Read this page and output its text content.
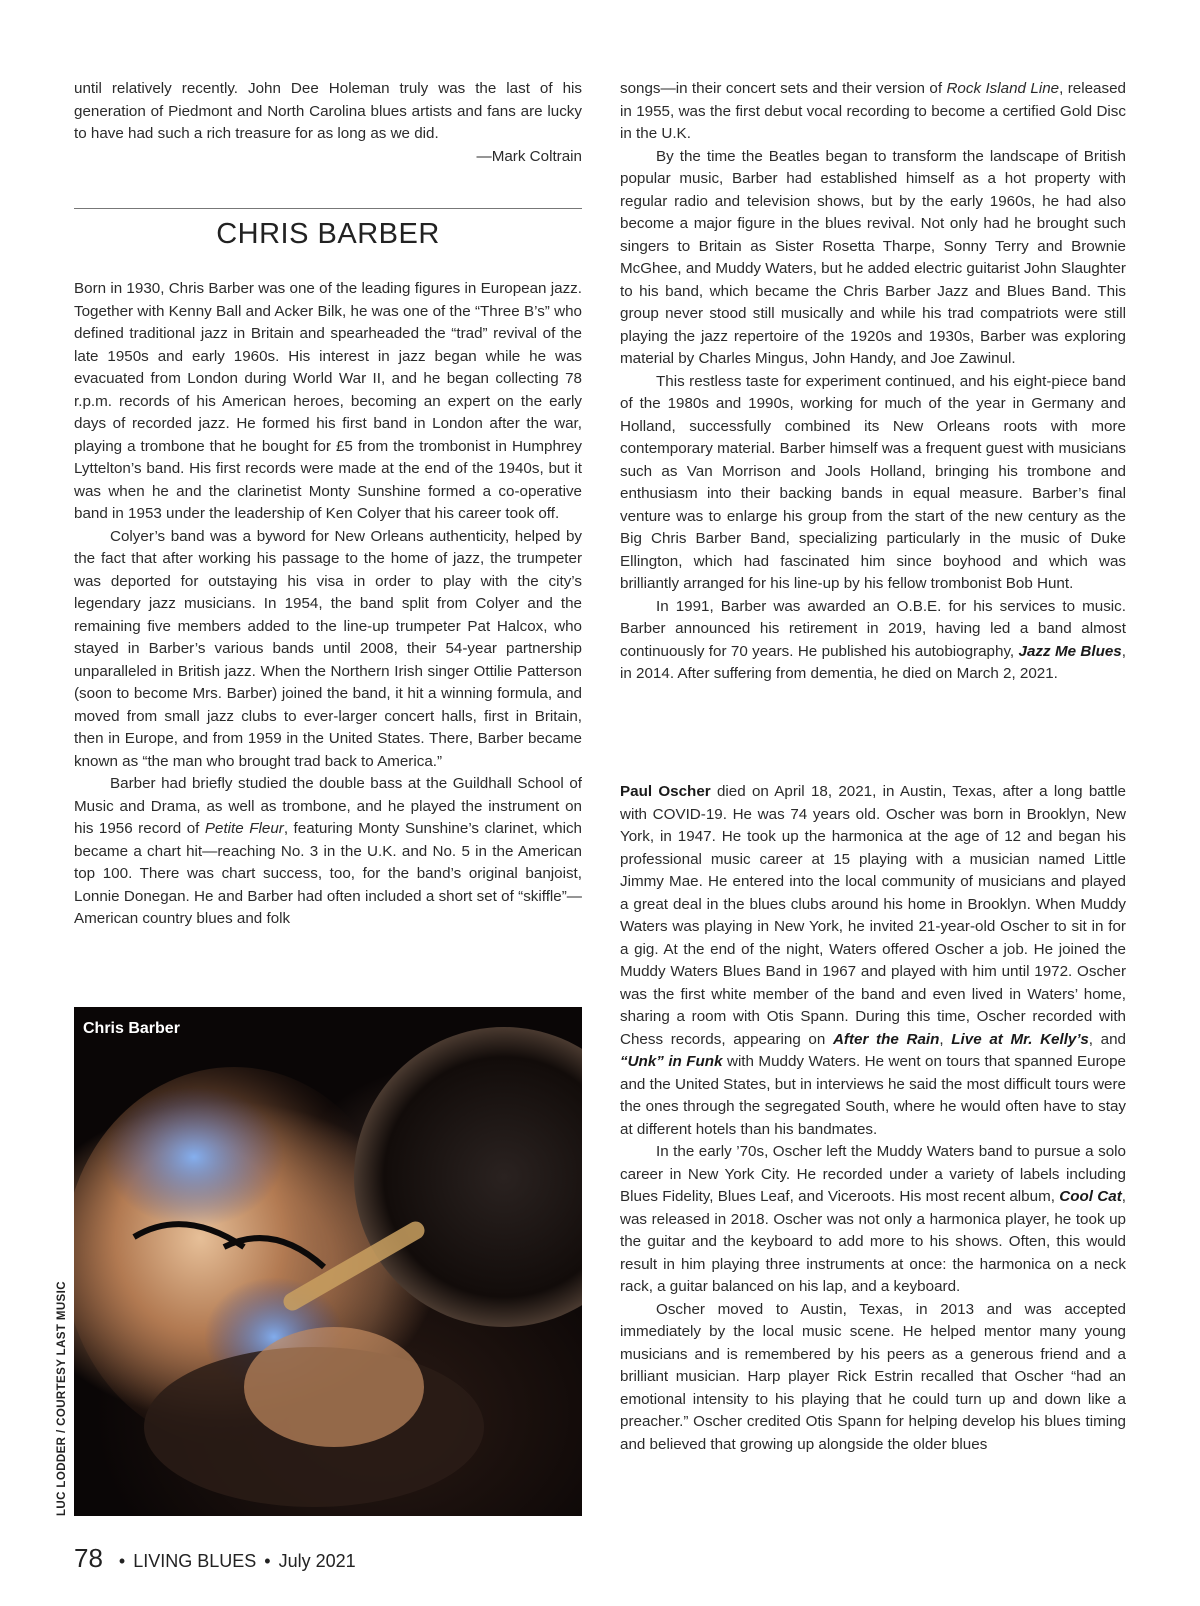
until relatively recently. John Dee Holeman truly was the last of his generation of Piedmont and North Carolina blues artists and fans are lucky to have had such a rich treasure for as long as we did.

—Mark Coltrain

CHRIS BARBER

Born in 1930, Chris Barber was one of the leading figures in European jazz. Together with Kenny Ball and Acker Bilk, he was one of the “Three B’s” who defined traditional jazz in Britain and spearheaded the “trad” revival of the late 1950s and early 1960s. His interest in jazz began while he was evacuated from London during World War II, and he began collecting 78 r.p.m. records of his American heroes, becoming an expert on the early days of recorded jazz. He formed his first band in London after the war, playing a trombone that he bought for £5 from the trombonist in Humphrey Lyttelton’s band. His first records were made at the end of the 1940s, but it was when he and the clarinetist Monty Sunshine formed a co-operative band in 1953 under the leadership of Ken Colyer that his career took off.

Colyer’s band was a byword for New Orleans authenticity, helped by the fact that after working his passage to the home of jazz, the trumpeter was deported for outstaying his visa in order to play with the city’s legendary jazz musicians. In 1954, the band split from Colyer and the remaining five members added to the line-up trumpeter Pat Halcox, who stayed in Barber’s various bands until 2008, their 54-year partnership unparalleled in British jazz. When the Northern Irish singer Ottilie Patterson (soon to become Mrs. Barber) joined the band, it hit a winning formula, and moved from small jazz clubs to ever-larger concert halls, first in Britain, then in Europe, and from 1959 in the United States. There, Barber became known as “the man who brought trad back to America.”

Barber had briefly studied the double bass at the Guildhall School of Music and Drama, as well as trombone, and he played the instrument on his 1956 record of Petite Fleur, featuring Monty Sunshine’s clarinet, which became a chart hit—reaching No. 3 in the U.K. and No. 5 in the American top 100. There was chart success, too, for the band’s original banjoist, Lonnie Donegan. He and Barber had often included a short set of “skiffle”—American country blues and folk

Chris Barber
LUC LODDER / COURTESY LAST MUSIC

songs—in their concert sets and their version of Rock Island Line, released in 1955, was the first debut vocal recording to become a certified Gold Disc in the U.K.

By the time the Beatles began to transform the landscape of British popular music, Barber had established himself as a hot property with regular radio and television shows, but by the early 1960s, he had also become a major figure in the blues revival. Not only had he brought such singers to Britain as Sister Rosetta Tharpe, Sonny Terry and Brownie McGhee, and Muddy Waters, but he added electric guitarist John Slaughter to his band, which became the Chris Barber Jazz and Blues Band. This group never stood still musically and while his trad compatriots were still playing the jazz repertoire of the 1920s and 1930s, Barber was exploring material by Charles Mingus, John Handy, and Joe Zawinul.

This restless taste for experiment continued, and his eight-piece band of the 1980s and 1990s, working for much of the year in Germany and Holland, successfully combined its New Orleans roots with more contemporary material. Barber himself was a frequent guest with musicians such as Van Morrison and Jools Holland, bringing his trombone and enthusiasm into their backing bands in equal measure. Barber’s final venture was to enlarge his group from the start of the new century as the Big Chris Barber Band, specializing particularly in the music of Duke Ellington, which had fascinated him since boyhood and which was brilliantly arranged for his line-up by his fellow trombonist Bob Hunt.

In 1991, Barber was awarded an O.B.E. for his services to music. Barber announced his retirement in 2019, having led a band almost continuously for 70 years. He published his autobiography, Jazz Me Blues, in 2014. After suffering from dementia, he died on March 2, 2021.

Paul Oscher died on April 18, 2021, in Austin, Texas, after a long battle with COVID-19. He was 74 years old. Oscher was born in Brooklyn, New York, in 1947. He took up the harmonica at the age of 12 and began his professional music career at 15 playing with a musician named Little Jimmy Mae. He entered into the local community of musicians and played a great deal in the blues clubs around his home in Brooklyn. When Muddy Waters was playing in New York, he invited 21-year-old Oscher to sit in for a gig. At the end of the night, Waters offered Oscher a job. He joined the Muddy Waters Blues Band in 1967 and played with him until 1972. Oscher was the first white member of the band and even lived in Waters’ home, sharing a room with Otis Spann. During this time, Oscher recorded with Chess records, appearing on After the Rain, Live at Mr. Kelly’s, and “Unk” in Funk with Muddy Waters. He went on tours that spanned Europe and the United States, but in interviews he said the most difficult tours were the ones through the segregated South, where he would often have to stay at different hotels than his bandmates.

In the early ’70s, Oscher left the Muddy Waters band to pursue a solo career in New York City. He recorded under a variety of labels including Blues Fidelity, Blues Leaf, and Viceroots. His most recent album, Cool Cat, was released in 2018. Oscher was not only a harmonica player, he took up the guitar and the keyboard to add more to his shows. Often, this would result in him playing three instruments at once: the harmonica on a neck rack, a guitar balanced on his lap, and a keyboard.

Oscher moved to Austin, Texas, in 2013 and was accepted immediately by the local music scene. He helped mentor many young musicians and is remembered by his peers as a generous friend and a brilliant musician. Harp player Rick Estrin recalled that Oscher “had an emotional intensity to his playing that he could turn up and down like a preacher.” Oscher credited Otis Spann for helping develop his blues timing and believed that growing up alongside the older blues

78 • LIVING BLUES • July 2021
